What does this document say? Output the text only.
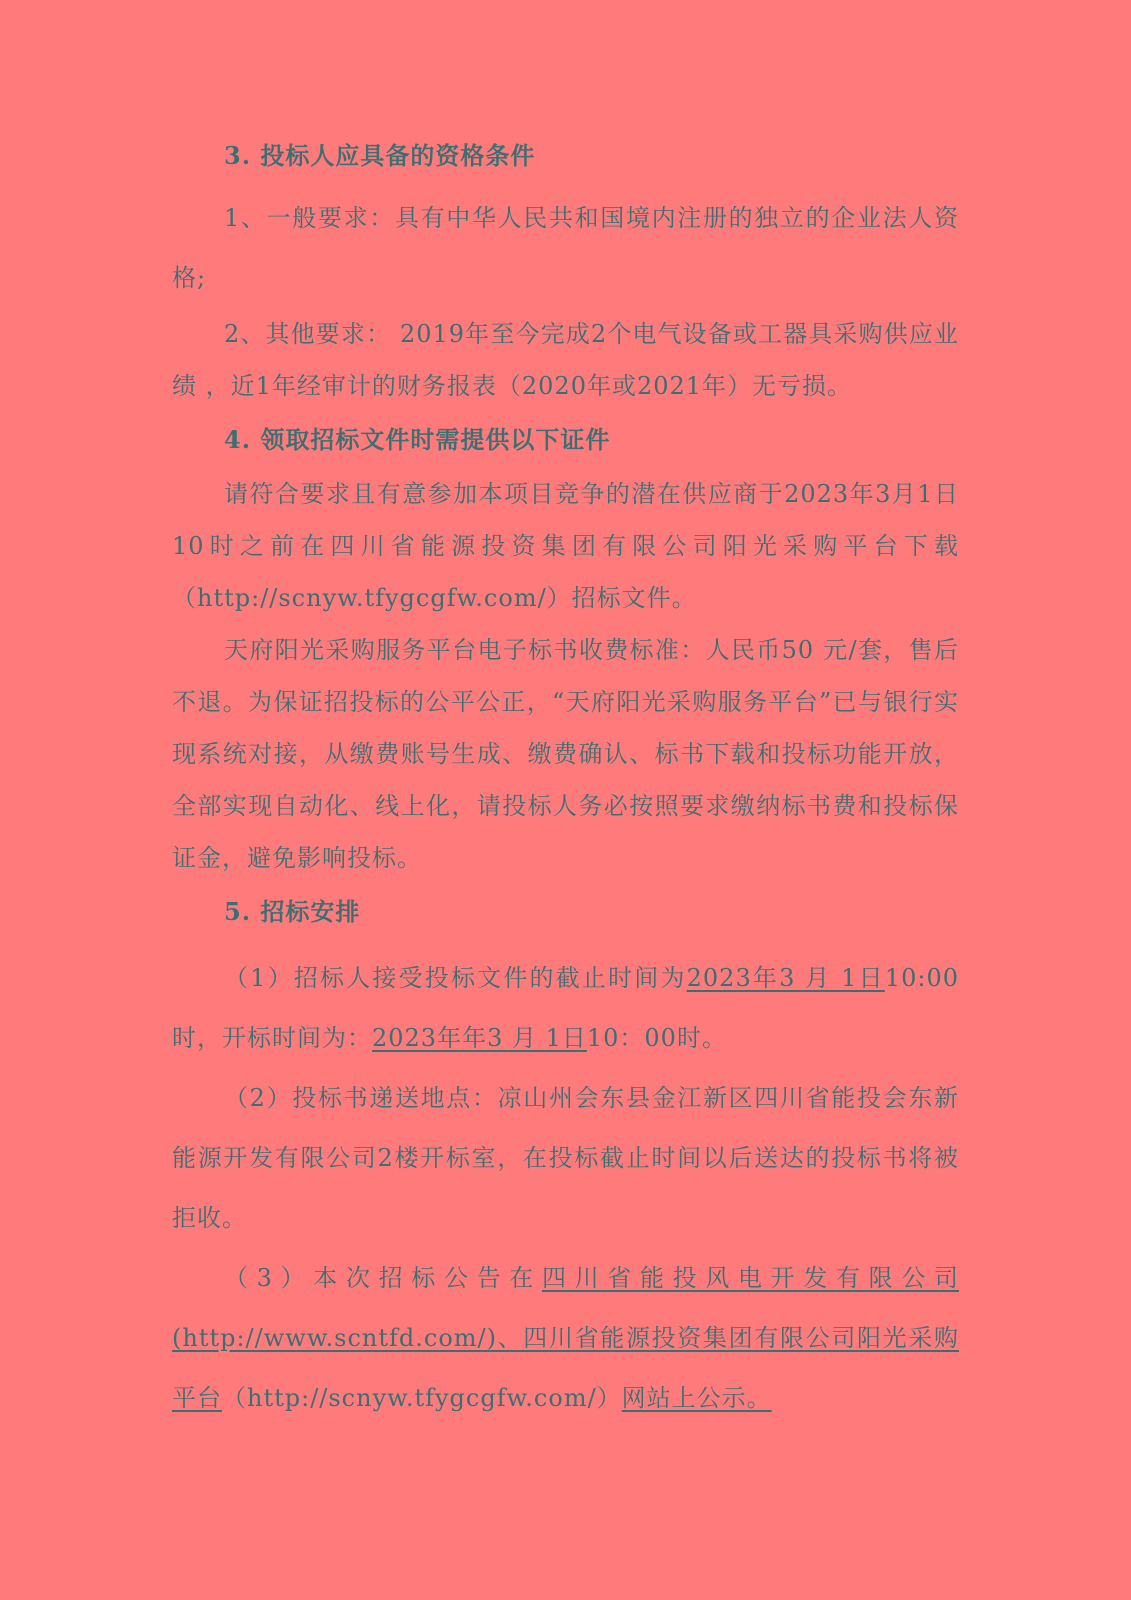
3. 投标人应具备的资格条件

1、一般要求：具有中华人民共和国境内注册的独立的企业法人资格;

2、其他要求： 2019年至今完成2个电气设备或工器具采购供应业绩 ，近1年经审计的财务报表（2020年或2021年）无亏损。

4. 领取招标文件时需提供以下证件

请符合要求且有意参加本项目竞争的潜在供应商于2023年3月1日10时之前在四川省能源投资集团有限公司阳光采购平台下载（http://scnyw.tfygcgfw.com/）招标文件。

天府阳光采购服务平台电子标书收费标准：人民币50 元/套，售后不退。为保证招投标的公平公正，“天府阳光采购服务平台”已与银行实现系统对接，从缴费账号生成、缴费确认、标书下载和投标功能开放，全部实现自动化、线上化，请投标人务必按照要求缴纳标书费和投标保证金，避免影响投标。

5. 招标安排

（1）招标人接受投标文件的截止时间为2023年3 月 1日10:00时，开标时间为：2023年年3 月 1日10：00时。

（2）投标书递送地点：凉山州会东县金江新区四川省能投会东新能源开发有限公司2楼开标室，在投标截止时间以后送达的投标书将被拒收。

（3）本次招标公告在四川省能投风电开发有限公司(http://www.scntfd.com/)、四川省能源投资集团有限公司阳光采购平台（http://scnyw.tfygcgfw.com/）网站上公示。
